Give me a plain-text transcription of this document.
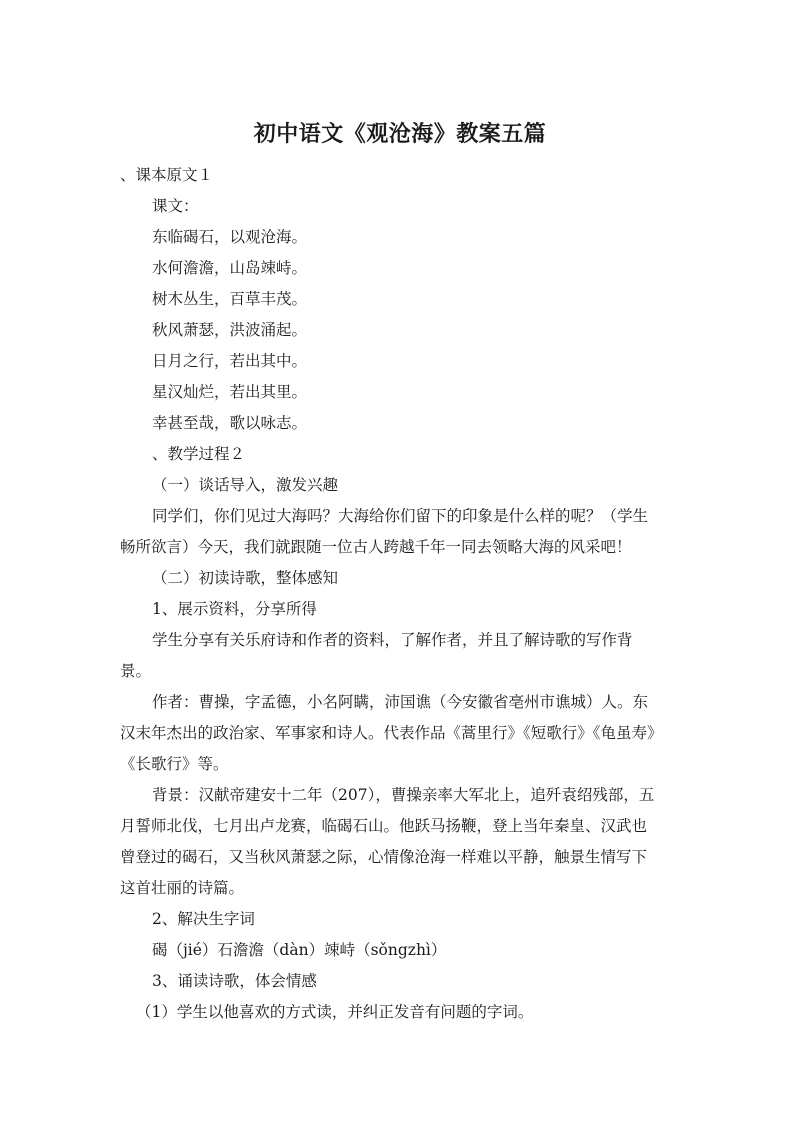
初中语文《观沧海》教案五篇

、课本原文１

课文：

东临碣石，以观沧海。

水何澹澹，山岛竦峙。

树木丛生，百草丰茂。

秋风萧瑟，洪波涌起。

日月之行，若出其中。

星汉灿烂，若出其里。

幸甚至哉，歌以咏志。

、教学过程２

（一）谈话导入，激发兴趣

同学们，你们见过大海吗？大海给你们留下的印象是什么样的呢？（学生
畅所欲言）今天，我们就跟随一位古人跨越千年一同去领略大海的风采吧！

（二）初读诗歌，整体感知

1、展示资料，分享所得

学生分享有关乐府诗和作者的资料，了解作者，并且了解诗歌的写作背
景。
作者：曹操，字孟德，小名阿瞒，沛国谯（今安徽省亳州市谯城）人。东
汉末年杰出的政治家、军事家和诗人。代表作品《蒿里行》《短歌行》《龟虽寿》
《长歌行》等。
背景：汉献帝建安十二年（207），曹操亲率大军北上，追歼袁绍残部，五
月誓师北伐，七月出卢龙赛，临碣石山。他跃马扬鞭，登上当年秦皇、汉武也
曾登过的碣石，又当秋风萧瑟之际，心情像沧海一样难以平静，触景生情写下
这首壮丽的诗篇。

2、解决生字词

碣（jié）石澹澹（dàn）竦峙（sǒngzhì）

3、诵读诗歌，体会情感

（1）学生以他喜欢的方式读，并纠正发音有问题的字词。
